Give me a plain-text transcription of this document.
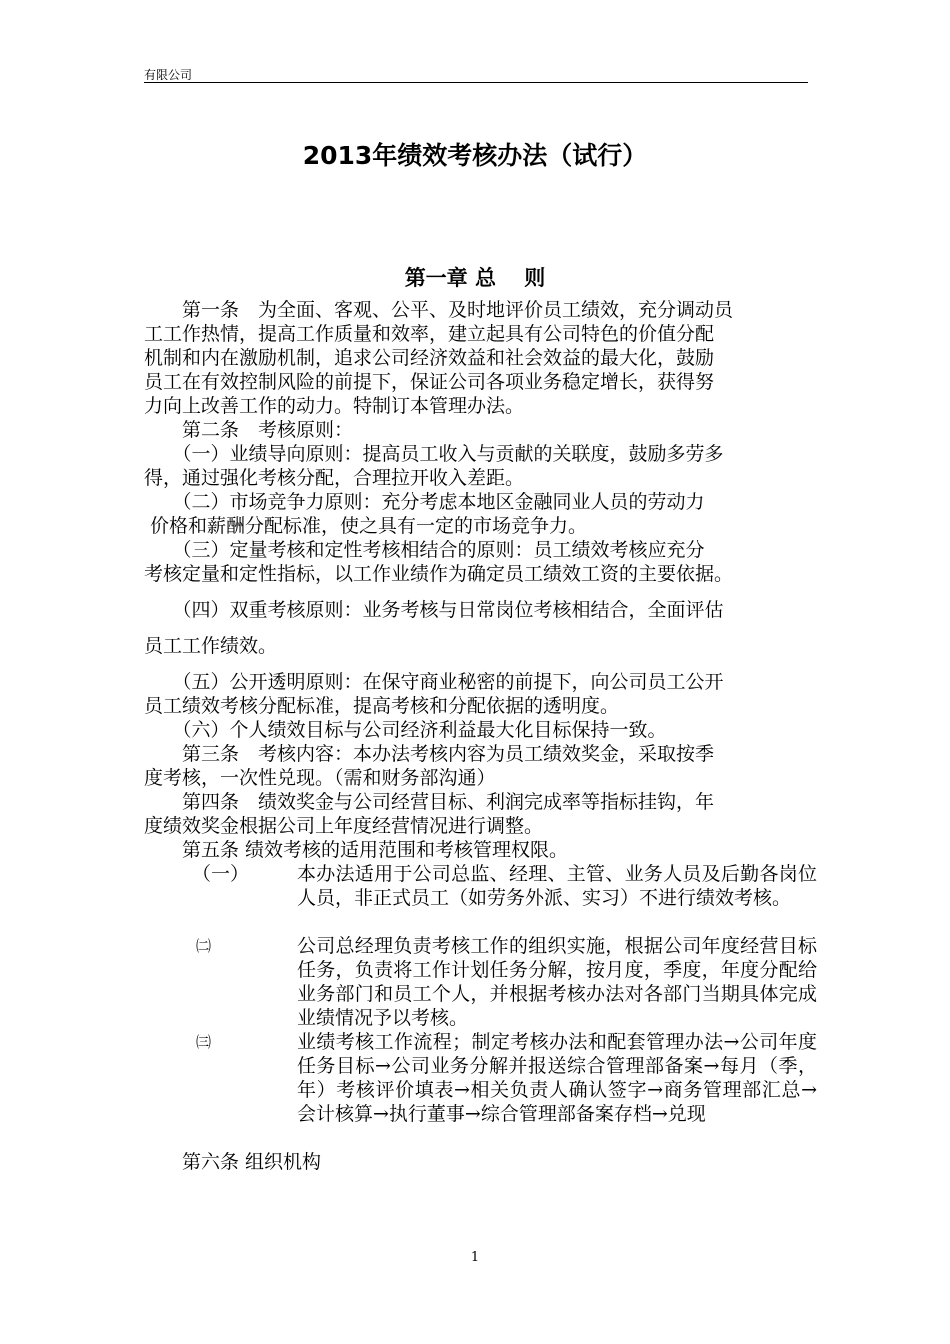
有限公司
2013年绩效考核办法（试行）
第一章 总　 则
　　第一条　为全面、客观、公平、及时地评价员工绩效，充分调动员
工工作热情，提高工作质量和效率，建立起具有公司特色的价值分配
机制和内在激励机制，追求公司经济效益和社会效益的最大化，鼓励
员工在有效控制风险的前提下，保证公司各项业务稳定增长，获得努
力向上改善工作的动力。特制订本管理办法。
　　第二条　考核原则：
　　（一）业绩导向原则：提高员工收入与贡献的关联度，鼓励多劳多
得，通过强化考核分配，合理拉开收入差距。
　　（二）市场竞争力原则：充分考虑本地区金融同业人员的劳动力
价格和薪酬分配标准，使之具有一定的市场竞争力。
　　（三）定量考核和定性考核相结合的原则：员工绩效考核应充分
考核定量和定性指标，以工作业绩作为确定员工绩效工资的主要依据。
　　（四）双重考核原则：业务考核与日常岗位考核相结合，全面评估
员工工作绩效。
　　（五）公开透明原则：在保守商业秘密的前提下，向公司员工公开
员工绩效考核分配标准，提高考核和分配依据的透明度。
　　（六）个人绩效目标与公司经济利益最大化目标保持一致。
　　第三条　考核内容：本办法考核内容为员工绩效奖金，采取按季
度考核，一次性兑现。（需和财务部沟通）
　　第四条　绩效奖金与公司经营目标、利润完成率等指标挂钩，年
度绩效奖金根据公司上年度经营情况进行调整。
　　第五条 绩效考核的适用范围和考核管理权限。
（一）	本办法适用于公司总监、经理、主管、业务人员及后勤各岗位人员，非正式员工（如劳务外派、实习）不进行绩效考核。
㈡	公司总经理负责考核工作的组织实施，根据公司年度经营目标任务，负责将工作计划任务分解，按月度，季度，年度分配给业务部门和员工个人，并根据考核办法对各部门当期具体完成业绩情况予以考核。
㈢	业绩考核工作流程；制定考核办法和配套管理办法→公司年度任务目标→公司业务分解并报送综合管理部备案→每月（季，年）考核评价填表→相关负责人确认签字→商务管理部汇总→会计核算→执行董事→综合管理部备案存档→兑现
　　第六条 组织机构
1
